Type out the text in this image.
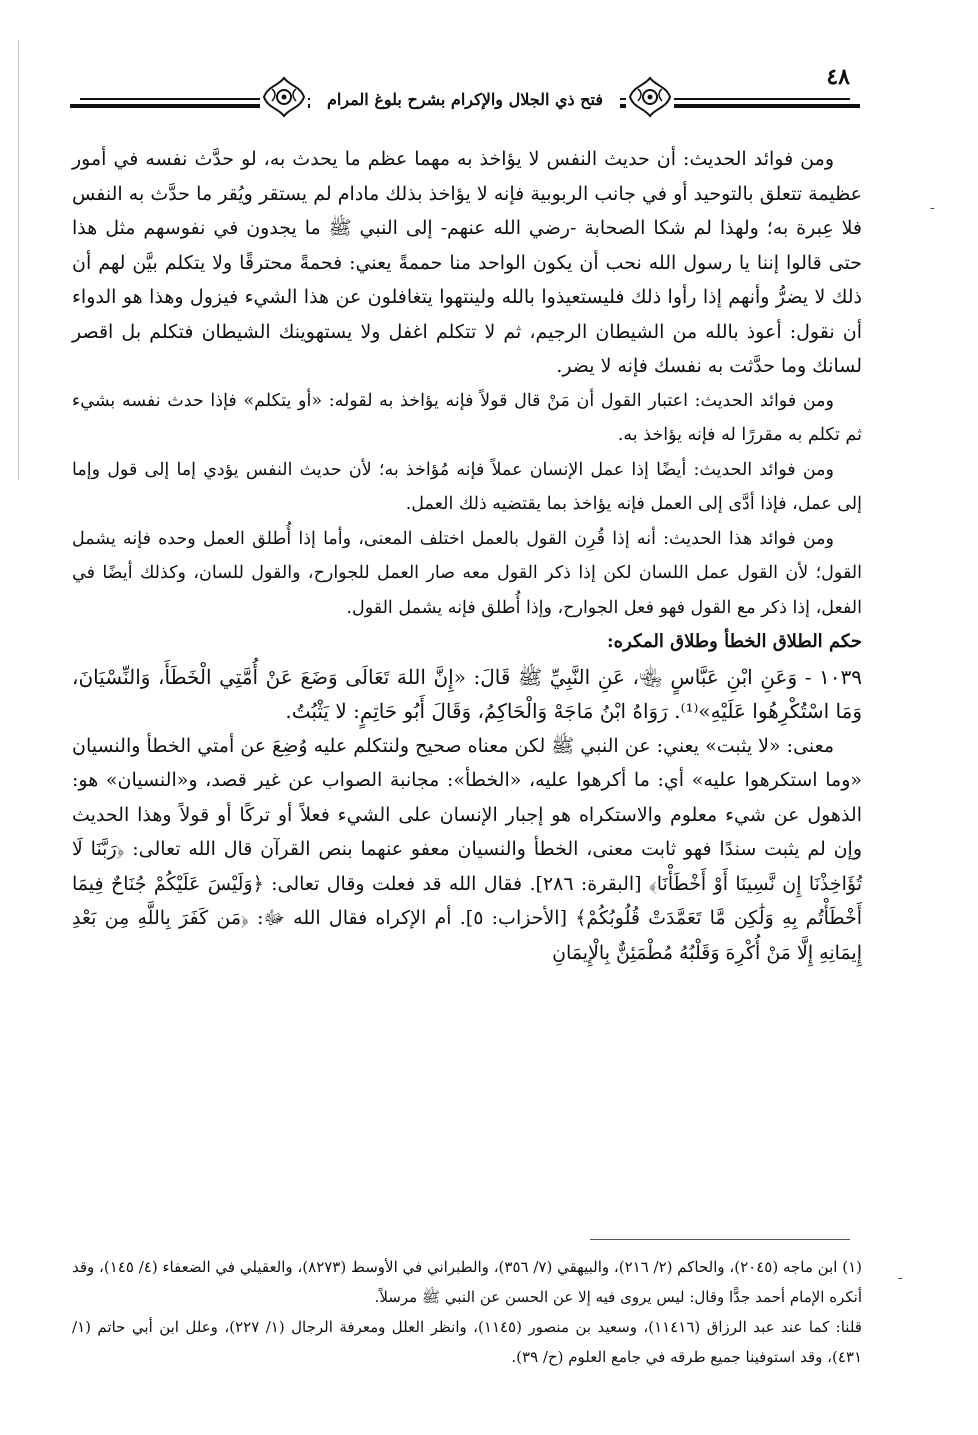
-
-
فتح ذي الجلال والإكرام بشرح بلوغ المرام
٤٨

ومن فوائد الحديث: أن حديث النفس لا يؤاخذ به مهما عظم ما يحدث به، لو حدَّث نفسه في أمور عظيمة تتعلق بالتوحيد أو في جانب الربوبية فإنه لا يؤاخذ بذلك مادام لم يستقر ويُقر ما حدَّث به النفس فلا عِبرة به؛ ولهذا لم شكا الصحابة -رضي الله عنهم- إلى النبي ﷺ ما يجدون في نفوسهم مثل هذا حتى قالوا إننا يا رسول الله نحب أن يكون الواحد منا حممةً يعني: فحمةً محترقًا ولا يتكلم بيَّن لهم أن ذلك لا يضرُّ وأنهم إذا رأوا ذلك فليستعيذوا بالله ولينتهوا يتغافلون عن هذا الشيء فيزول وهذا هو الدواء أن نقول: أعوذ بالله من الشيطان الرجيم، ثم لا تتكلم اغفل ولا يستهوينك الشيطان فتكلم بل اقصر لسانك وما حدَّثت به نفسك فإنه لا يضر.

ومن فوائد الحديث: اعتبار القول أن مَنْ قال قولاً فإنه يؤاخذ به لقوله: «أو يتكلم» فإذا حدث نفسه بشيء ثم تكلم به مقررًا له فإنه يؤاخذ به.

ومن فوائد الحديث: أيضًا إذا عمل الإنسان عملاً فإنه مُؤاخذ به؛ لأن حديث النفس يؤدي إما إلى قول وإما إلى عمل، فإذا أدَّى إلى العمل فإنه يؤاخذ بما يقتضيه ذلك العمل.

ومن فوائد هذا الحديث: أنه إذا قُرِن القول بالعمل اختلف المعنى، وأما إذا أُطلق العمل وحده فإنه يشمل القول؛ لأن القول عمل اللسان لكن إذا ذكر القول معه صار العمل للجوارح، والقول للسان، وكذلك أيضًا في الفعل، إذا ذكر مع القول فهو فعل الجوارح، وإذا أُطلق فإنه يشمل القول.

حكم الطلاق الخطأ وطلاق المكره:

١٠٣٩ - وَعَنِ ابْنِ عَبَّاسٍ ﵄، عَنِ النَّبِيِّ ﷺ قَالَ: «إِنَّ اللهَ تَعَالَى وَضَعَ عَنْ أُمَّتِي الْخَطَأَ، وَالنِّسْيَانَ، وَمَا اسْتُكْرِهُوا عَلَيْهِ»⁽¹⁾. رَوَاهُ ابْنُ مَاجَهْ وَالْحَاكِمُ، وَقَالَ أَبُو حَاتِمٍ: لا يَثْبُتُ.

معنى: «لا يثبت» يعني: عن النبي ﷺ لكن معناه صحيح ولنتكلم عليه وُضِعَ عن أمتي الخطأ والنسيان «وما استكرهوا عليه» أي: ما أكرهوا عليه، «الخطأ»: مجانبة الصواب عن غير قصد، و«النسيان» هو: الذهول عن شيء معلوم والاستكراه هو إجبار الإنسان على الشيء فعلاً أو تركًا أو قولاً وهذا الحديث وإن لم يثبت سندًا فهو ثابت معنى، الخطأ والنسيان معفو عنهما بنص القرآن قال الله تعالى: ﴿رَبَّنَا لَا تُؤَاخِذْنَا إِن نَّسِينَا أَوْ أَخْطَأْنَا﴾ [البقرة: ٢٨٦]. فقال الله قد فعلت وقال تعالى: ﴿وَلَيْسَ عَلَيْكُمْ جُنَاحٌ فِيمَا أَخْطَأْتُم بِهِ وَلَٰكِن مَّا تَعَمَّدَتْ قُلُوبُكُمْ﴾ [الأحزاب: ٥]. أم الإكراه فقال الله ﷻ: ﴿مَن كَفَرَ بِاللَّهِ مِن بَعْدِ إِيمَانِهِ إِلَّا مَنْ أُكْرِهَ وَقَلْبُهُ مُطْمَئِنٌّ بِالْإِيمَانِ

(١) ابن ماجه (٢٠٤٥)، والحاكم (٢/ ٢١٦)، والبيهقي (٧/ ٣٥٦)، والطبراني في الأوسط (٨٢٧٣)، والعقيلي في الضعفاء (٤/ ١٤٥)، وقد أنكره الإمام أحمد جدًّا وقال: ليس يروى فيه إلا عن الحسن عن النبي ﷺ مرسلاً.

قلنا: كما عند عبد الرزاق (١١٤١٦)، وسعيد بن منصور (١١٤٥)، وانظر العلل ومعرفة الرجال (١/ ٢٢٧)، وعلل ابن أبي حاتم (١/ ٤٣١)، وقد استوفينا جميع طرقه في جامع العلوم (ح/ ٣٩).
